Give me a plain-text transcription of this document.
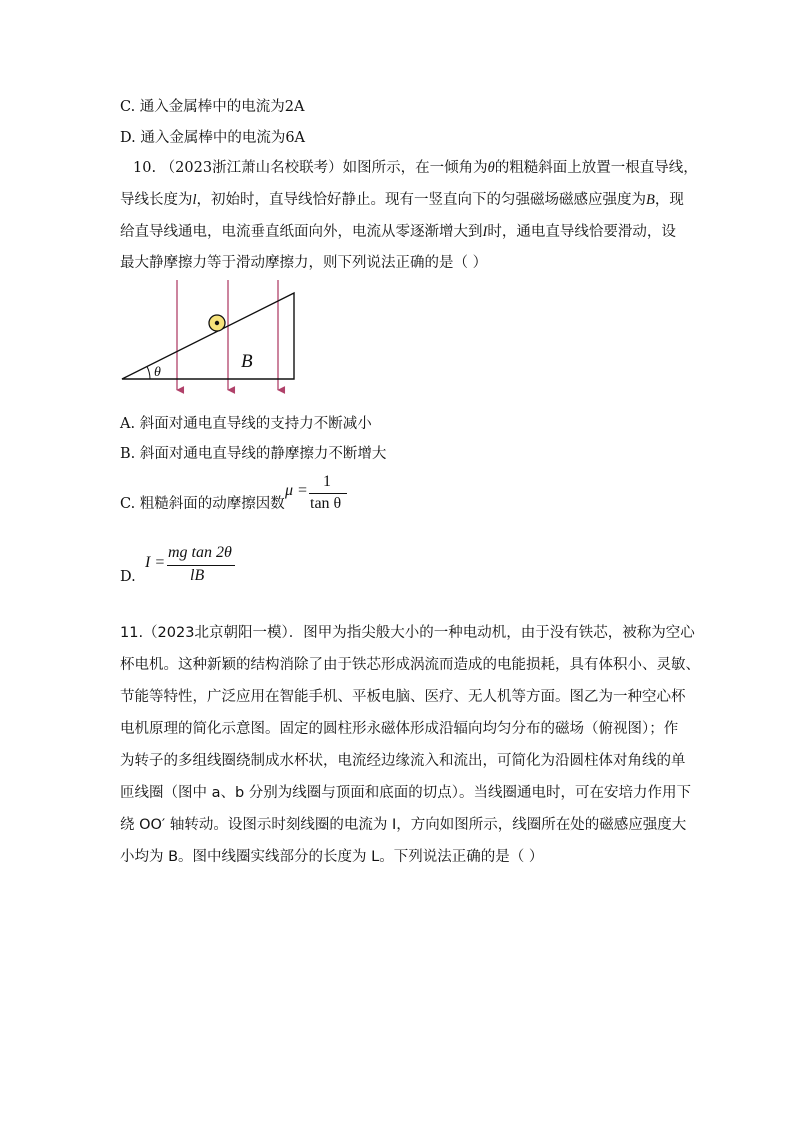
C. 通入金属棒中的电流为2A
D. 通入金属棒中的电流为6A
10. （2023浙江萧山名校联考）如图所示，在一倾角为θ的粗糙斜面上放置一根直导线，
导线长度为l，初始时，直导线恰好静止。现有一竖直向下的匀强磁场磁感应强度为B，现
给直导线通电，电流垂直纸面向外，电流从零逐渐增大到I时，通电直导线恰要滑动，设
最大静摩擦力等于滑动摩擦力，则下列说法正确的是（ ）
θ
B
A. 斜面对通电直导线的支持力不断减小
B. 斜面对通电直导线的静摩擦力不断增大
C. 粗糙斜面的动摩擦因数
μ =
1
tan θ
D.
I =
mg tan 2θ
lB
11.（2023北京朝阳一模）．图甲为指尖般大小的一种电动机，由于没有铁芯，被称为空心
杯电机。这种新颖的结构消除了由于铁芯形成涡流而造成的电能损耗，具有体积小、灵敏、
节能等特性，广泛应用在智能手机、平板电脑、医疗、无人机等方面。图乙为一种空心杯
电机原理的简化示意图。固定的圆柱形永磁体形成沿辐向均匀分布的磁场（俯视图）；作
为转子的多组线圈绕制成水杯状，电流经边缘流入和流出，可简化为沿圆柱体对角线的单
匝线圈（图中 a、b 分别为线圈与顶面和底面的切点）。当线圈通电时，可在安培力作用下
绕 OO′ 轴转动。设图示时刻线圈的电流为 I，方向如图所示，线圈所在处的磁感应强度大
小均为 B。图中线圈实线部分的长度为 L。下列说法正确的是（ ）
